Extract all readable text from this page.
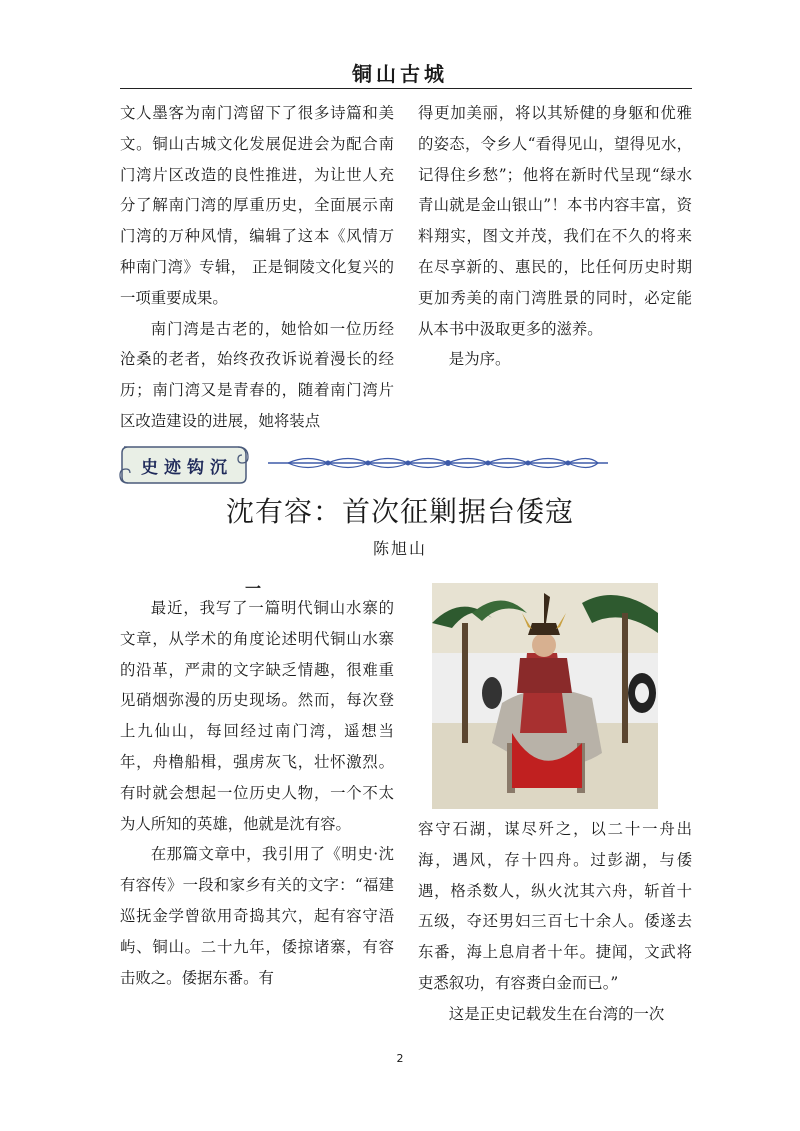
铜山古城

文人墨客为南门湾留下了很多诗篇和美文。铜山古城文化发展促进会为配合南门湾片区改造的良性推进，为让世人充分了解南门湾的厚重历史，全面展示南门湾的万种风情，编辑了这本《风情万种南门湾》专辑， 正是铜陵文化复兴的一项重要成果。

南门湾是古老的，她恰如一位历经沧桑的老者，始终孜孜诉说着漫长的经历；南门湾又是青春的，随着南门湾片区改造建设的进展，她将装点

得更加美丽，将以其矫健的身躯和优雅的姿态，令乡人“看得见山，望得见水，记得住乡愁”；他将在新时代呈现“绿水青山就是金山银山”！本书内容丰富，资料翔实，图文并茂，我们在不久的将来在尽享新的、惠民的，比任何历史时期更加秀美的南门湾胜景的同时，必定能从本书中汲取更多的滋养。

是为序。

史迹钩沉
沈有容：首次征剿据台倭寇
陈旭山
一

最近，我写了一篇明代铜山水寨的文章，从学术的角度论述明代铜山水寨的沿革，严肃的文字缺乏情趣，很难重见硝烟弥漫的历史现场。然而，每次登上九仙山，每回经过南门湾，遥想当年，舟橹船楫，强虏灰飞，壮怀激烈。有时就会想起一位历史人物，一个不太为人所知的英雄，他就是沈有容。

在那篇文章中，我引用了《明史·沈有容传》一段和家乡有关的文字：“福建巡抚金学曾欲用奇捣其穴，起有容守浯屿、铜山。二十九年，倭掠诸寨，有容击败之。倭据东番。有

容守石湖，谋尽歼之，以二十一舟出海，遇风，存十四舟。过彭湖，与倭遇，格杀数人，纵火沈其六舟，斩首十五级，夺还男妇三百七十余人。倭遂去东番，海上息肩者十年。捷闻，文武将吏悉叙功，有容赉白金而已。”

这是正史记载发生在台湾的一次

2
